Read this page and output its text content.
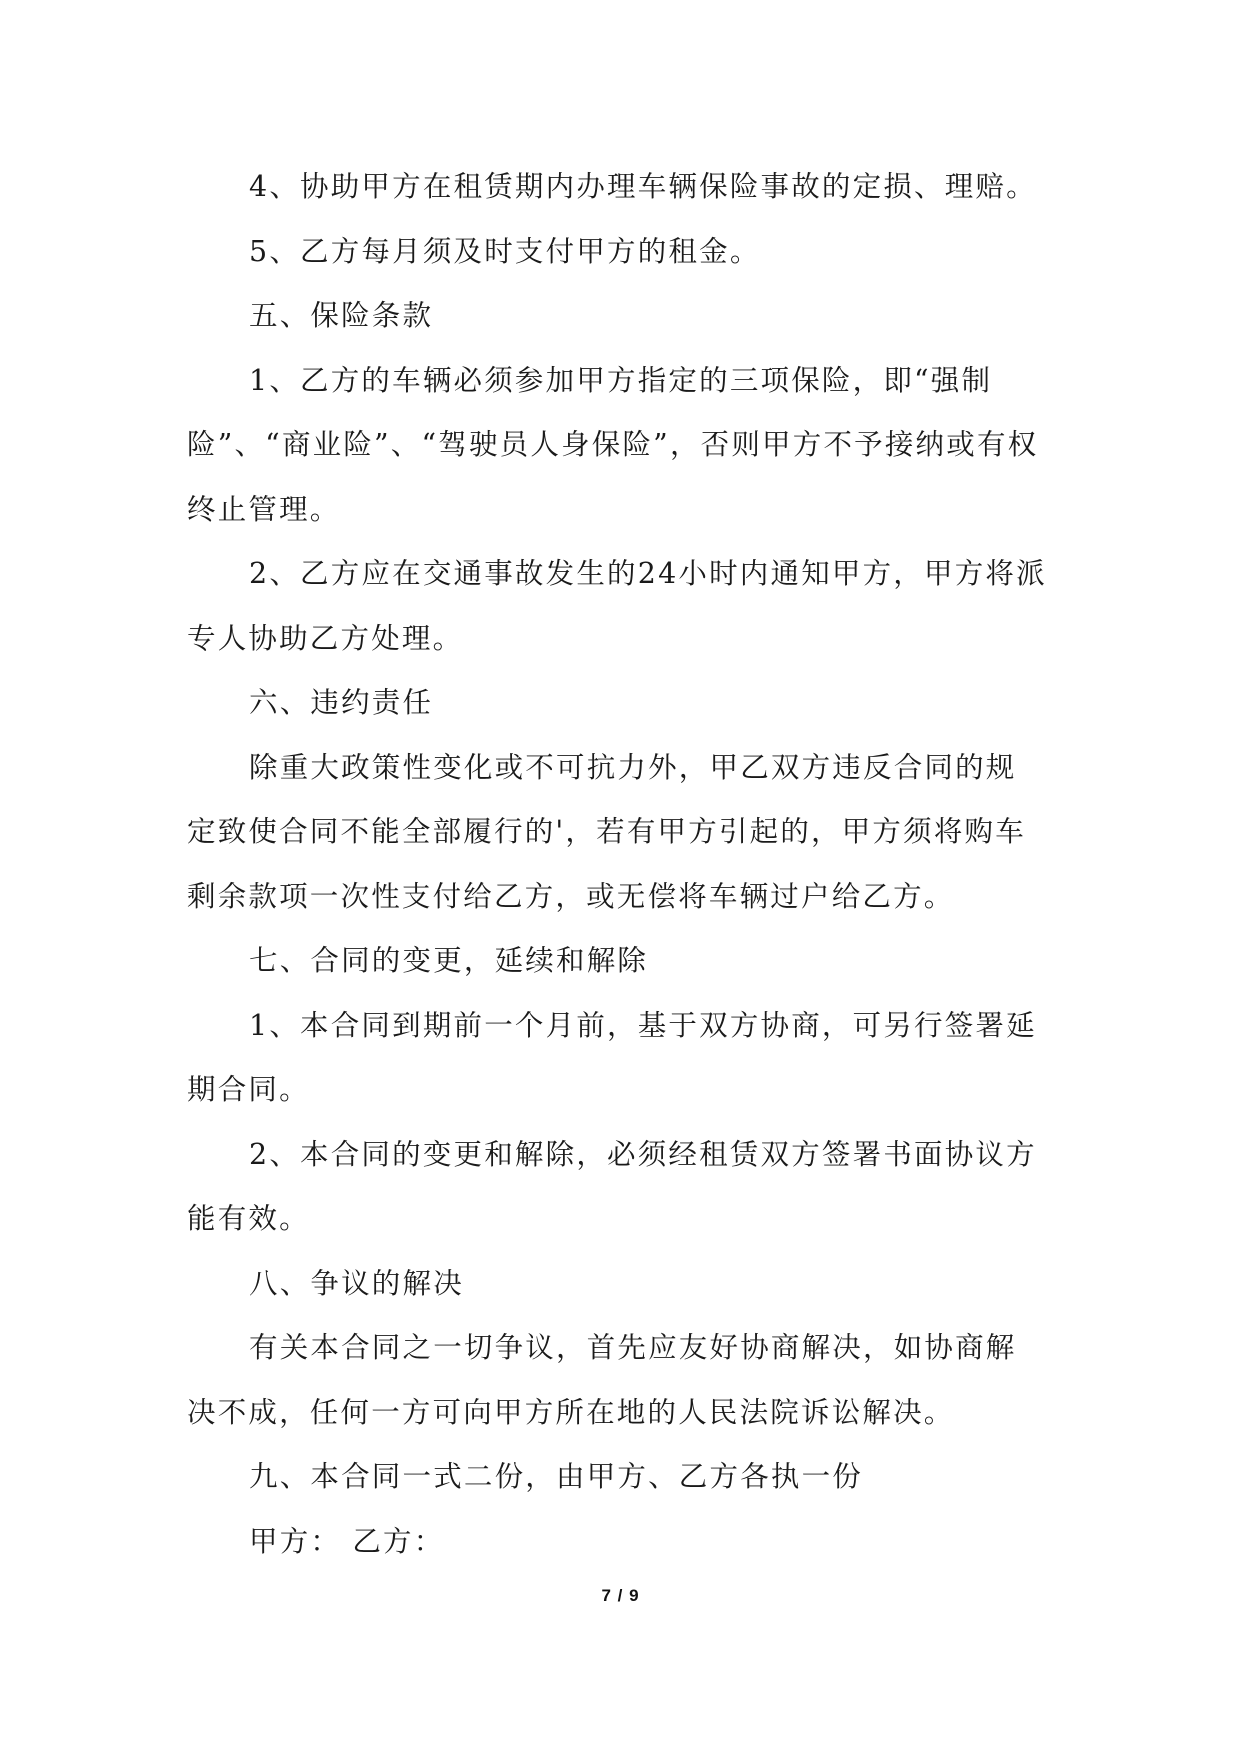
4、协助甲方在租赁期内办理车辆保险事故的定损、理赔。

5、乙方每月须及时支付甲方的租金。

五、保险条款

1、乙方的车辆必须参加甲方指定的三项保险，即“强制险”、“商业险”、“驾驶员人身保险”，否则甲方不予接纳或有权终止管理。

2、乙方应在交通事故发生的24小时内通知甲方，甲方将派专人协助乙方处理。

六、违约责任

除重大政策性变化或不可抗力外，甲乙双方违反合同的规定致使合同不能全部履行的'，若有甲方引起的，甲方须将购车剩余款项一次性支付给乙方，或无偿将车辆过户给乙方。

七、合同的变更，延续和解除

1、本合同到期前一个月前，基于双方协商，可另行签署延期合同。

2、本合同的变更和解除，必须经租赁双方签署书面协议方能有效。

八、争议的解决

有关本合同之一切争议，首先应友好协商解决，如协商解决不成，任何一方可向甲方所在地的人民法院诉讼解决。

九、本合同一式二份，由甲方、乙方各执一份

甲方： 乙方：

7 / 9
